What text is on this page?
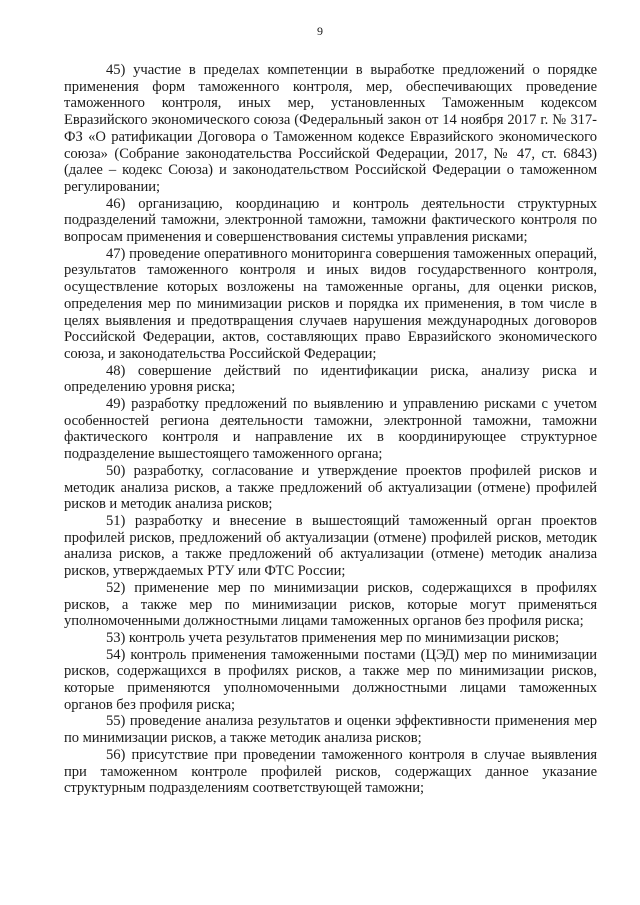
9

45) участие в пределах компетенции в выработке предложений о порядке применения форм таможенного контроля, мер, обеспечивающих проведение таможенного контроля, иных мер, установленных Таможенным кодексом Евразийского экономического союза (Федеральный закон от 14 ноября 2017 г. № 317-ФЗ «О ратификации Договора о Таможенном кодексе Евразийского экономического союза» (Собрание законодательства Российской Федерации, 2017, № 47, ст. 6843) (далее – кодекс Союза) и законодательством Российской Федерации о таможенном регулировании;

46) организацию, координацию и контроль деятельности структурных подразделений таможни, электронной таможни, таможни фактического контроля по вопросам применения и совершенствования системы управления рисками;

47) проведение оперативного мониторинга совершения таможенных операций, результатов таможенного контроля и иных видов государственного контроля, осуществление которых возложены на таможенные органы, для оценки рисков, определения мер по минимизации рисков и порядка их применения, в том числе в целях выявления и предотвращения случаев нарушения международных договоров Российской Федерации, актов, составляющих право Евразийского экономического союза, и законодательства Российской Федерации;

48) совершение действий по идентификации риска, анализу риска и определению уровня риска;

49) разработку предложений по выявлению и управлению рисками с учетом особенностей региона деятельности таможни, электронной таможни, таможни фактического контроля и направление их в координирующее структурное подразделение вышестоящего таможенного органа;

50) разработку, согласование и утверждение проектов профилей рисков и методик анализа рисков, а также предложений об актуализации (отмене) профилей рисков и методик анализа рисков;

51) разработку и внесение в вышестоящий таможенный орган проектов профилей рисков, предложений об актуализации (отмене) профилей рисков, методик анализа рисков, а также предложений об актуализации (отмене) методик анализа рисков, утверждаемых РТУ или ФТС России;

52) применение мер по минимизации рисков, содержащихся в профилях рисков, а также мер по минимизации рисков, которые могут применяться уполномоченными должностными лицами таможенных органов без профиля риска;

53) контроль учета результатов применения мер по минимизации рисков;

54) контроль применения таможенными постами (ЦЭД) мер по минимизации рисков, содержащихся в профилях рисков, а также мер по минимизации рисков, которые применяются уполномоченными должностными лицами таможенных органов без профиля риска;

55) проведение анализа результатов и оценки эффективности применения мер по минимизации рисков, а также методик анализа рисков;

56) присутствие при проведении таможенного контроля в случае выявления при таможенном контроле профилей рисков, содержащих данное указание структурным подразделениям соответствующей таможни;
